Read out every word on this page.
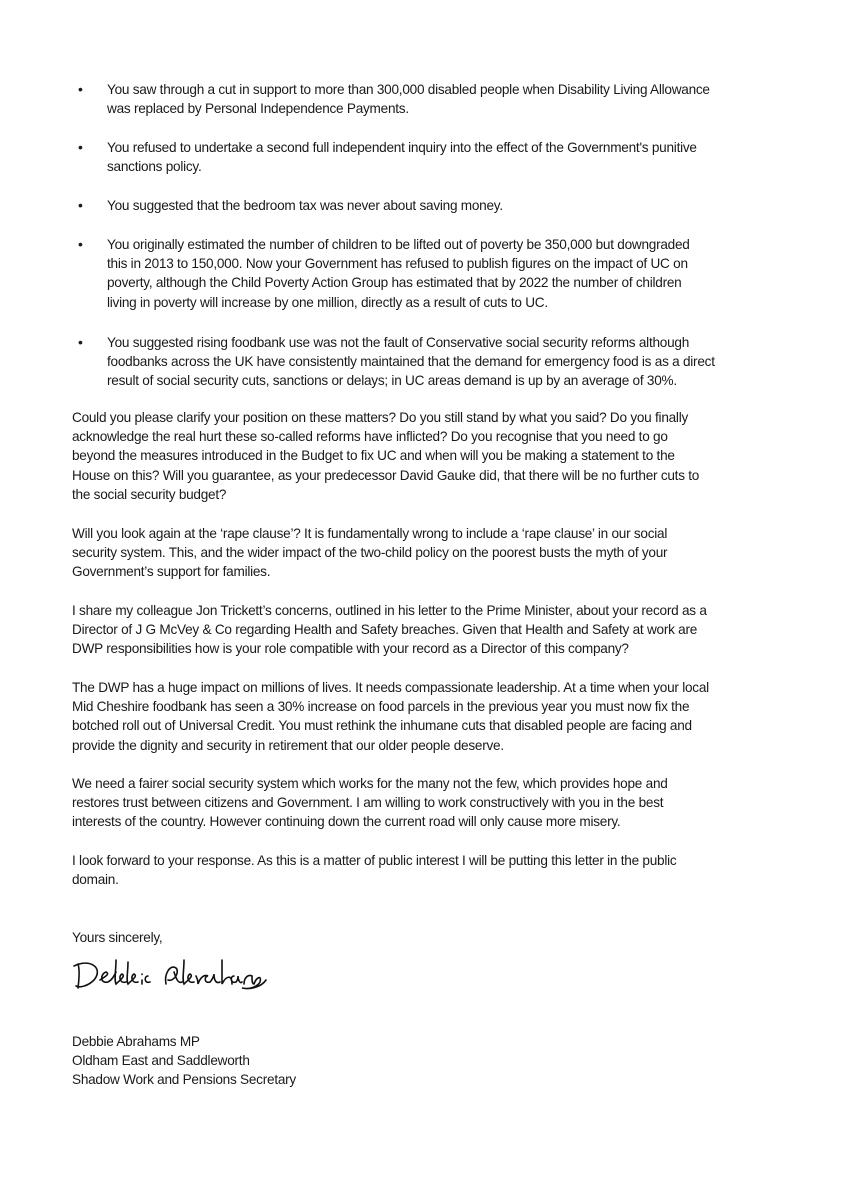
• You saw through a cut in support to more than 300,000 disabled people when Disability Living Allowance
was replaced by Personal Independence Payments.
• You refused to undertake a second full independent inquiry into the effect of the Government's punitive
sanctions policy.
• You suggested that the bedroom tax was never about saving money.
• You originally estimated the number of children to be lifted out of poverty be 350,000 but downgraded
this in 2013 to 150,000. Now your Government has refused to publish figures on the impact of UC on
poverty, although the Child Poverty Action Group has estimated that by 2022 the number of children
living in poverty will increase by one million, directly as a result of cuts to UC.
• You suggested rising foodbank use was not the fault of Conservative social security reforms although
foodbanks across the UK have consistently maintained that the demand for emergency food is as a direct
result of social security cuts, sanctions or delays; in UC areas demand is up by an average of 30%.
Could you please clarify your position on these matters? Do you still stand by what you said? Do you finally
acknowledge the real hurt these so-called reforms have inflicted? Do you recognise that you need to go
beyond the measures introduced in the Budget to fix UC and when will you be making a statement to the
House on this? Will you guarantee, as your predecessor David Gauke did, that there will be no further cuts to
the social security budget?
Will you look again at the ‘rape clause’? It is fundamentally wrong to include a ‘rape clause’ in our social
security system. This, and the wider impact of the two-child policy on the poorest busts the myth of your
Government’s support for families.
I share my colleague Jon Trickett’s concerns, outlined in his letter to the Prime Minister, about your record as a
Director of J G McVey & Co regarding Health and Safety breaches. Given that Health and Safety at work are
DWP responsibilities how is your role compatible with your record as a Director of this company?
The DWP has a huge impact on millions of lives. It needs compassionate leadership. At a time when your local
Mid Cheshire foodbank has seen a 30% increase on food parcels in the previous year you must now fix the
botched roll out of Universal Credit. You must rethink the inhumane cuts that disabled people are facing and
provide the dignity and security in retirement that our older people deserve.
We need a fairer social security system which works for the many not the few, which provides hope and
restores trust between citizens and Government. I am willing to work constructively with you in the best
interests of the country. However continuing down the current road will only cause more misery.
I look forward to your response. As this is a matter of public interest I will be putting this letter in the public
domain.
Yours sincerely,
Debbie Abrahams MP
Oldham East and Saddleworth
Shadow Work and Pensions Secretary
